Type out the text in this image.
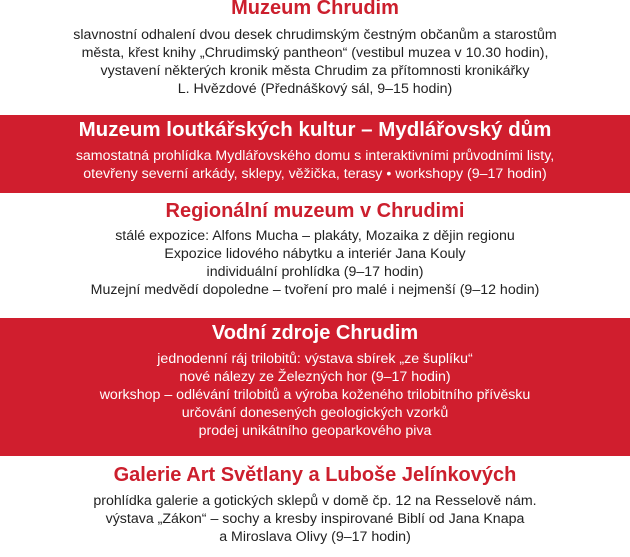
Muzeum Chrudim
slavnostní odhalení dvou desek chrudimským čestným občanům a starostům
města, křest knihy „Chrudimský pantheon“ (vestibul muzea v 10.30 hodin),
vystavení některých kronik města Chrudim za přítomnosti kronikářky
L. Hvězdové (Přednáškový sál, 9–15 hodin)
Muzeum loutkářských kultur – Mydlářovský dům
samostatná prohlídka Mydlářovského domu s interaktivními průvodními listy,
otevřeny severní arkády, sklepy, věžička, terasy • workshopy (9–17 hodin)
Regionální muzeum v Chrudimi
stálé expozice: Alfons Mucha – plakáty, Mozaika z dějin regionu
Expozice lidového nábytku a interiér Jana Kouly
individuální prohlídka (9–17 hodin)
Muzejní medvědí dopoledne – tvoření pro malé i nejmenší (9–12 hodin)
Vodní zdroje Chrudim
jednodenní ráj trilobitů: výstava sbírek „ze šuplíku“
nové nálezy ze Železných hor (9–17 hodin)
workshop – odlévání trilobitů a výroba koženého trilobitního přívěsku
určování donesených geologických vzorků
prodej unikátního geoparkového piva
Galerie Art Světlany a Luboše Jelínkových
prohlídka galerie a gotických sklepů v domě čp. 12 na Resselově nám.
výstava „Zákon“ – sochy a kresby inspirované Biblí od Jana Knapa
a Miroslava Olivy (9–17 hodin)
